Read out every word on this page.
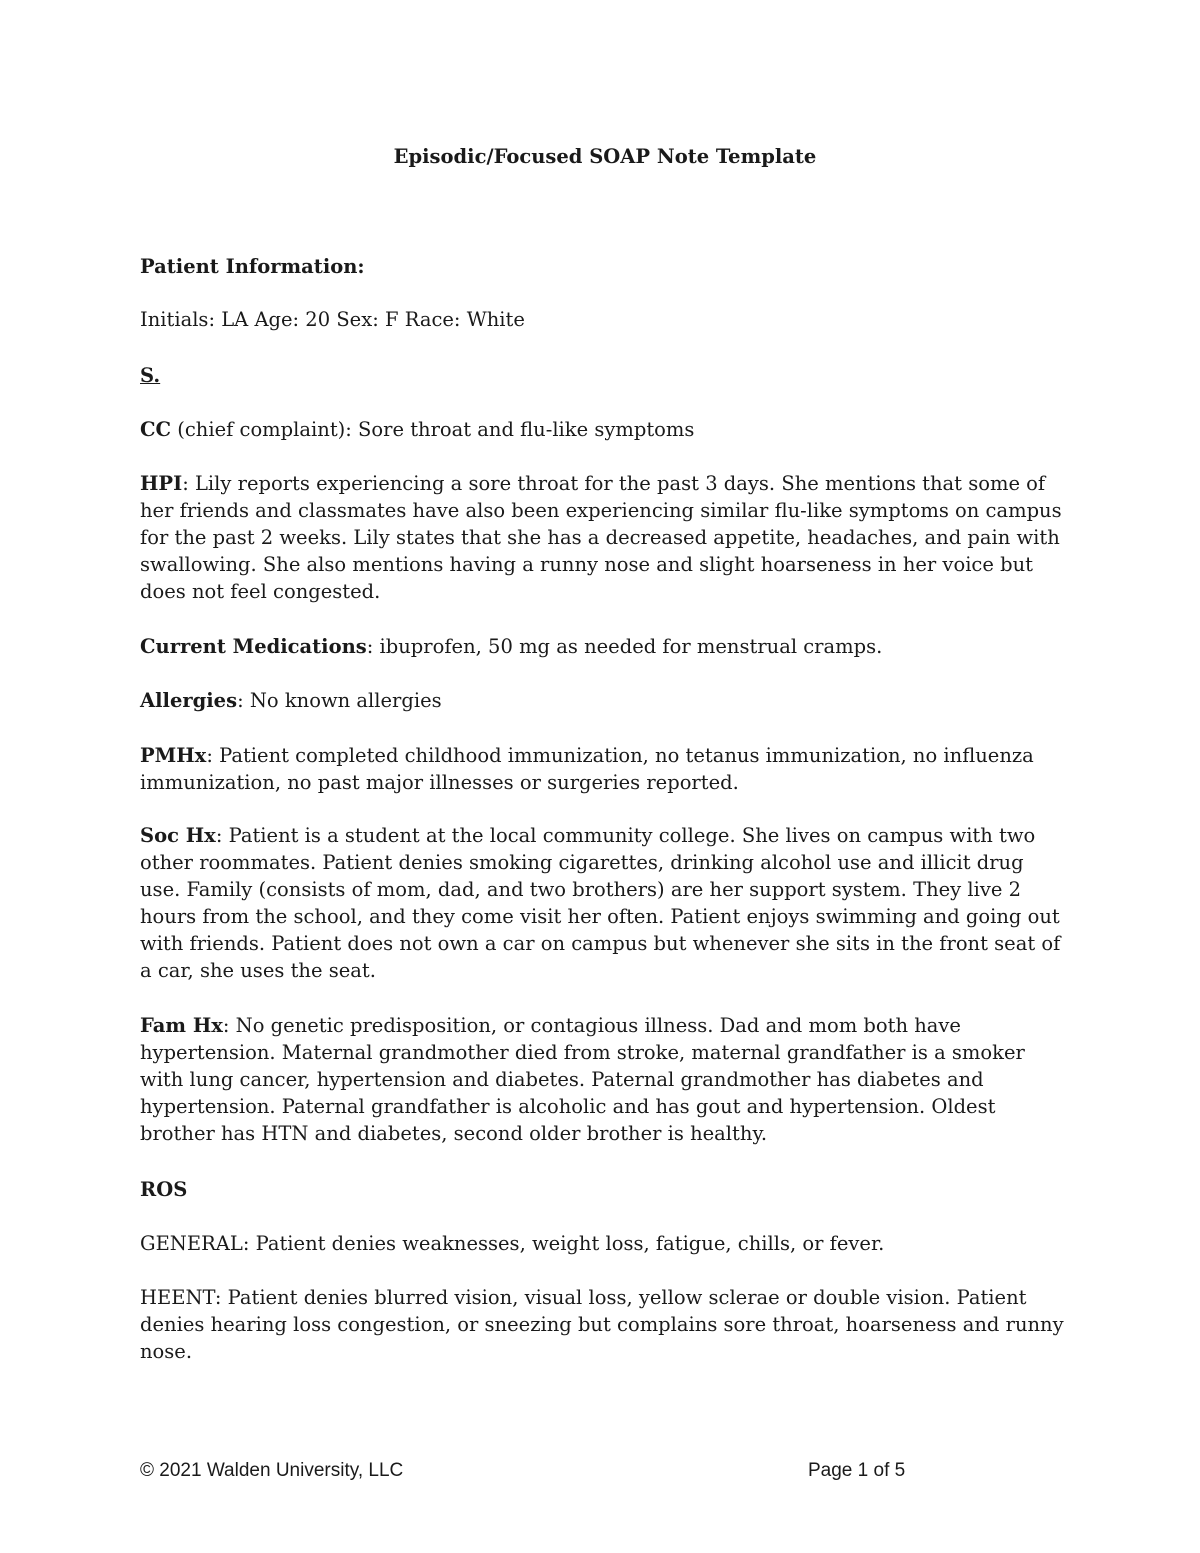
Episodic/Focused SOAP Note Template

Patient Information:

Initials: LA Age: 20 Sex: F Race: White

S.

CC (chief complaint): Sore throat and flu-like symptoms

HPI: Lily reports experiencing a sore throat for the past 3 days. She mentions that some of her friends and classmates have also been experiencing similar flu-like symptoms on campus for the past 2 weeks. Lily states that she has a decreased appetite, headaches, and pain with swallowing. She also mentions having a runny nose and slight hoarseness in her voice but does not feel congested.

Current Medications: ibuprofen, 50 mg as needed for menstrual cramps.

Allergies: No known allergies

PMHx: Patient completed childhood immunization, no tetanus immunization, no influenza immunization, no past major illnesses or surgeries reported.

Soc Hx: Patient is a student at the local community college. She lives on campus with two other roommates. Patient denies smoking cigarettes, drinking alcohol use and illicit drug use. Family (consists of mom, dad, and two brothers) are her support system. They live 2 hours from the school, and they come visit her often. Patient enjoys swimming and going out with friends. Patient does not own a car on campus but whenever she sits in the front seat of a car, she uses the seat.

Fam Hx: No genetic predisposition, or contagious illness. Dad and mom both have hypertension. Maternal grandmother died from stroke, maternal grandfather is a smoker with lung cancer, hypertension and diabetes. Paternal grandmother has diabetes and hypertension. Paternal grandfather is alcoholic and has gout and hypertension. Oldest brother has HTN and diabetes, second older brother is healthy.

ROS

GENERAL: Patient denies weaknesses, weight loss, fatigue, chills, or fever.

HEENT: Patient denies blurred vision, visual loss, yellow sclerae or double vision. Patient denies hearing loss congestion, or sneezing but complains sore throat, hoarseness and runny nose.

© 2021 Walden University, LLC	Page 1 of 5
